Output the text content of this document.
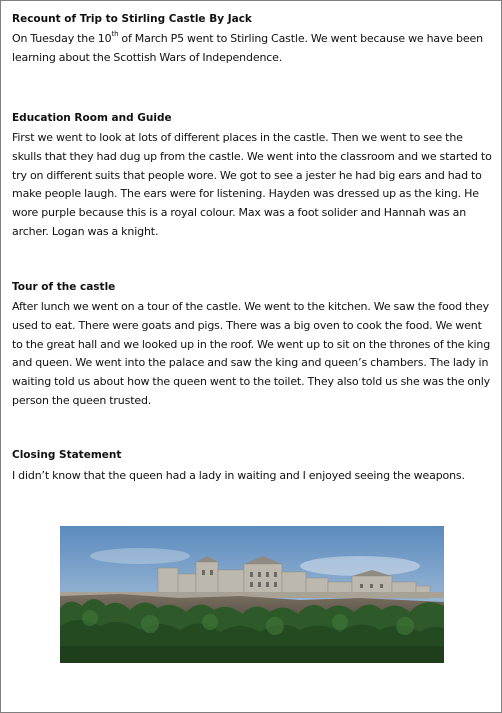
Recount of Trip to Stirling Castle By Jack

On Tuesday the 10th of March P5 went to Stirling Castle. We went because we have been learning about the Scottish Wars of Independence.

Education Room and Guide

First we went to look at lots of different places in the castle. Then we went to see the skulls that they had dug up from the castle. We went into the classroom and we started to try on different suits that people wore. We got to see a jester he had big ears and had to make people laugh. The ears were for listening. Hayden was dressed up as the king. He wore purple because this is a royal colour. Max was a foot solider and Hannah was an archer. Logan was a knight.

Tour of the castle

After lunch we went on a tour of the castle. We went to the kitchen. We saw the food they used to eat. There were goats and pigs. There was a big oven to cook the food. We went to the great hall and we looked up in the roof. We went up to sit on the thrones of the king and queen. We went into the palace and saw the king and queen’s chambers. The lady in waiting told us about how the queen went to the toilet. They also told us she was the only person the queen trusted.

Closing Statement

I didn’t know that the queen had a lady in waiting and I enjoyed seeing the weapons.
